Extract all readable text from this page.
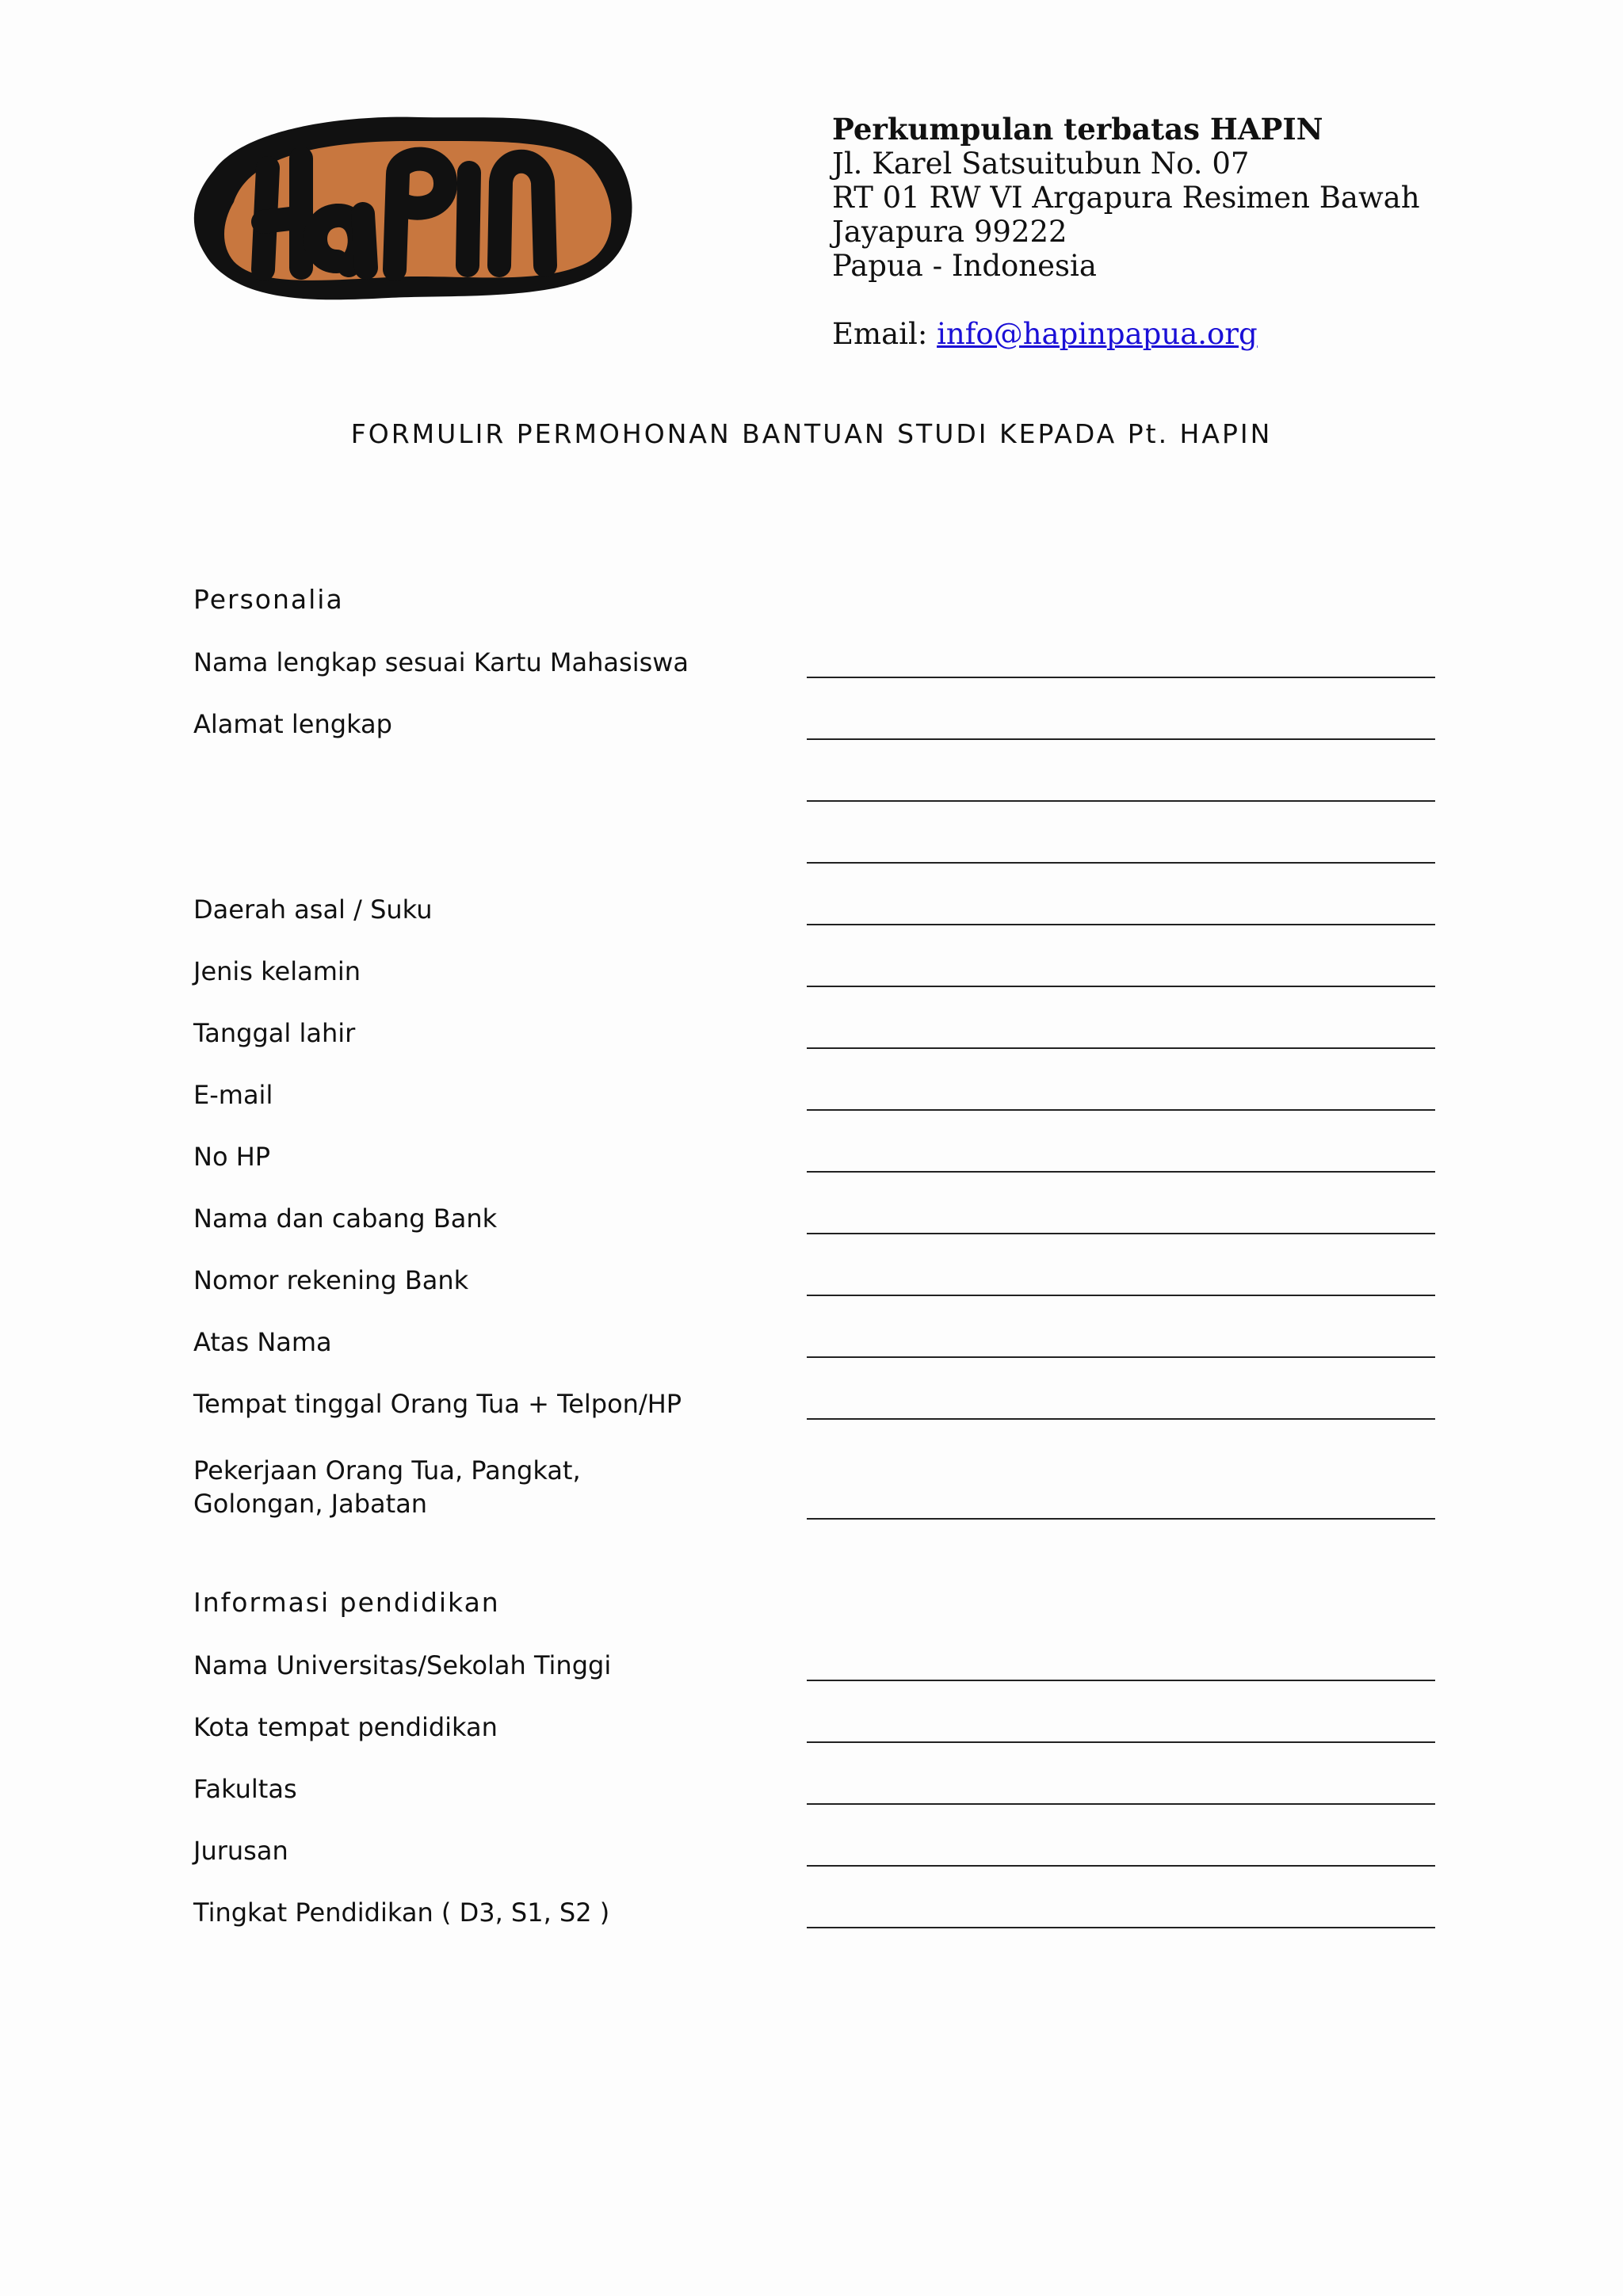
Perkumpulan terbatas HAPIN
Jl. Karel Satsuitubun No. 07
RT 01 RW VI Argapura Resimen Bawah
Jayapura 99222
Papua - Indonesia
Email: info@hapinpapua.org
FORMULIR PERMOHONAN BANTUAN STUDI KEPADA Pt. HAPIN
Personalia
Nama lengkap sesuai Kartu Mahasiswa
Alamat lengkap
Daerah asal / Suku
Jenis kelamin
Tanggal lahir
E-mail
No HP
Nama dan cabang Bank
Nomor rekening Bank
Atas Nama
Tempat tinggal Orang Tua + Telpon/HP
Pekerjaan Orang Tua, Pangkat,
Golongan, Jabatan
Informasi pendidikan
Nama Universitas/Sekolah Tinggi
Kota tempat pendidikan
Fakultas
Jurusan
Tingkat Pendidikan ( D3, S1, S2 )
